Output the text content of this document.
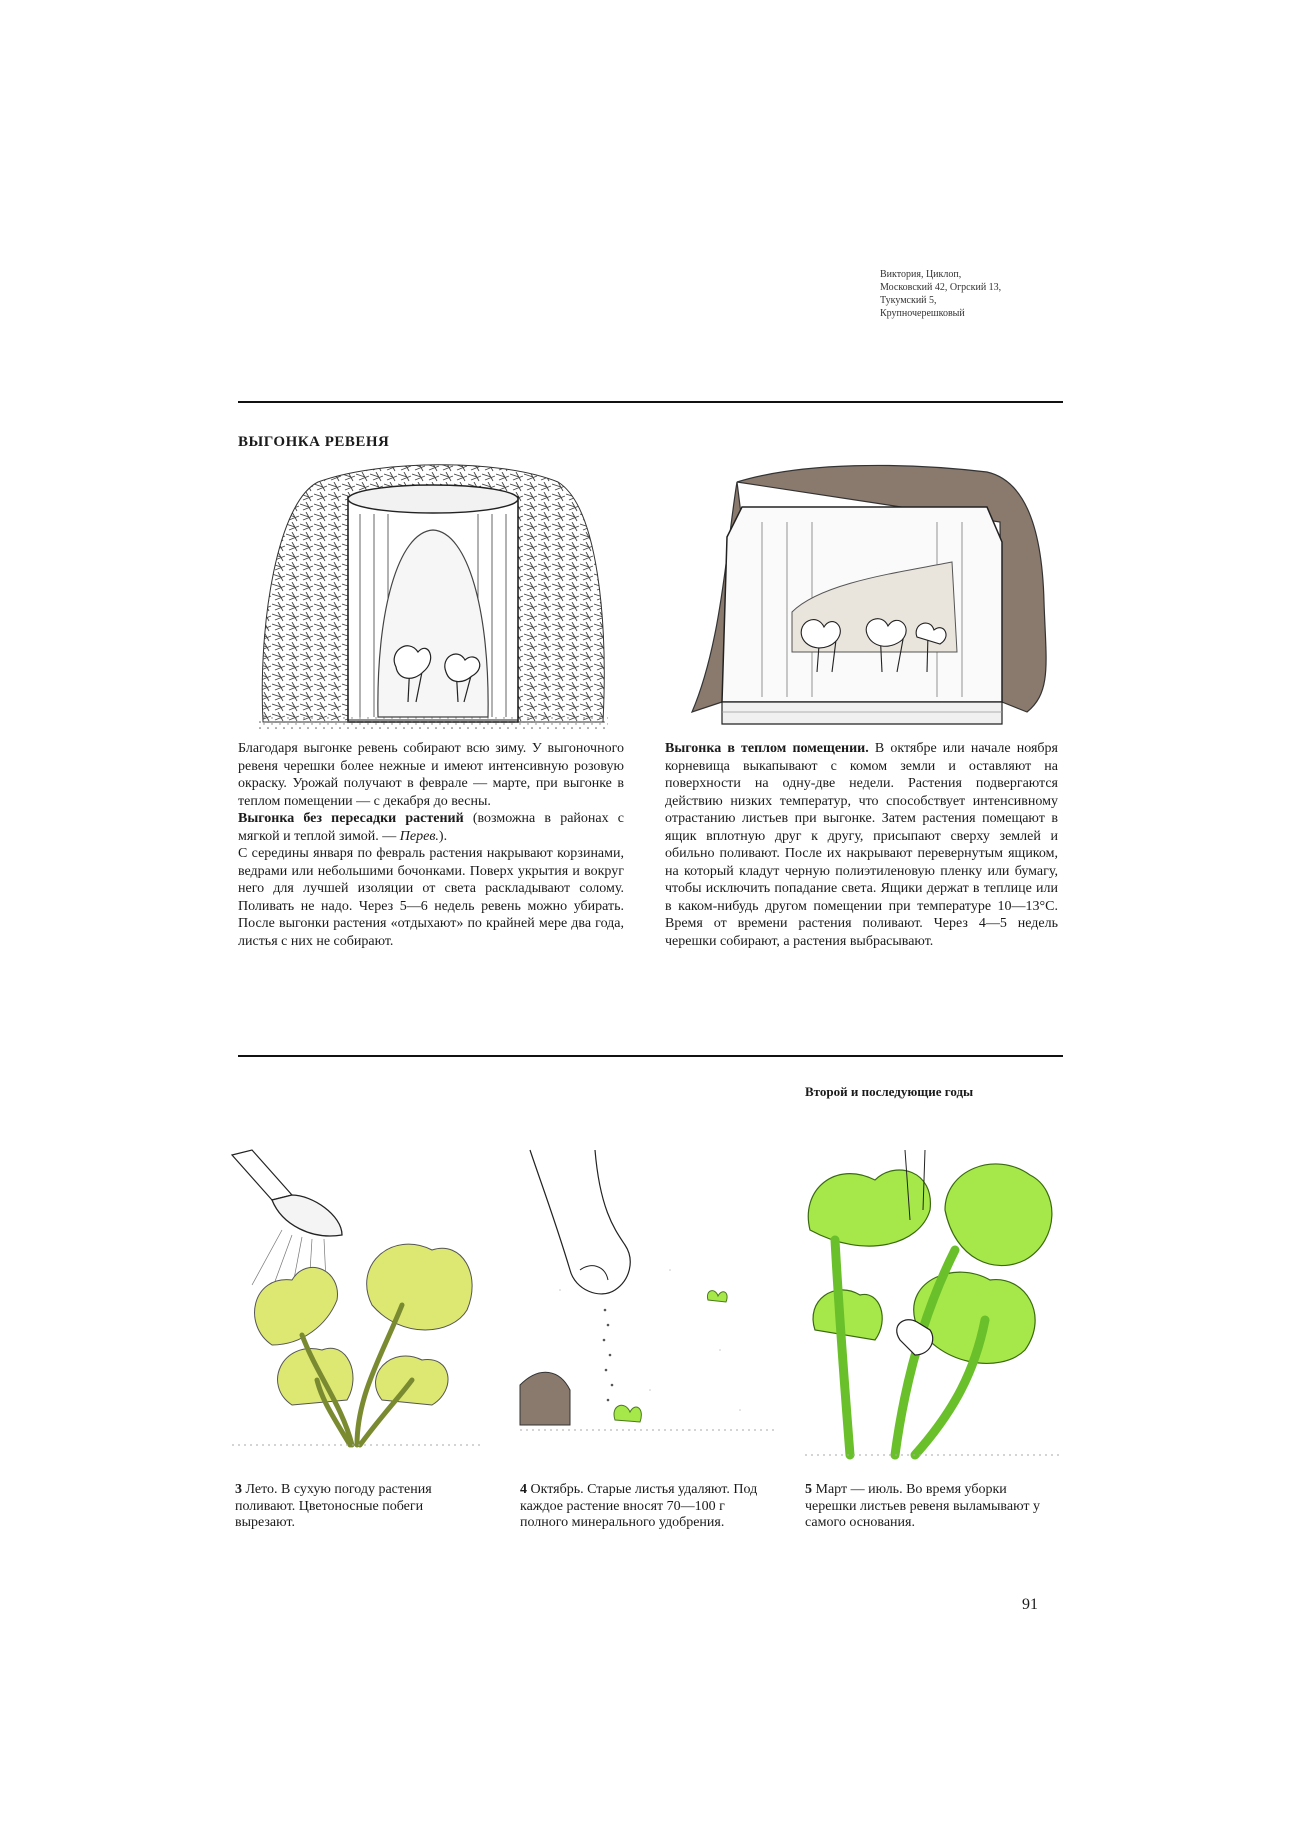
Виктория, Циклоп,
Московский 42, Огрский 13,
Тукумский 5,
Крупночерешковый
ВЫГОНКА РЕВЕНЯ

Благодаря выгонке ревень собирают всю зиму. У выгоночного ревеня черешки более нежные и имеют интенсивную розовую окраску. Урожай получают в феврале — марте, при выгонке в теплом помещении — с декабря до весны.

Выгонка без пересадки растений (возможна в районах с мягкой и теплой зимой. — Перев.).

С середины января по февраль растения накрывают корзинами, ведрами или небольшими бочонками. Поверх укрытия и вокруг него для лучшей изоляции от света раскладывают солому. Поливать не надо. Через 5—6 недель ревень можно убирать. После выгонки растения «отдыхают» по крайней мере два года, листья с них не собирают.

Выгонка в теплом помещении. В октябре или начале ноября корневища выкапывают с комом земли и оставляют на поверхности на одну-две недели. Растения подвергаются действию низких температур, что способствует интенсивному отрастанию листьев при выгонке. Затем растения помещают в ящик вплотную друг к другу, присыпают сверху землей и обильно поливают. После их накрывают перевернутым ящиком, на который кладут черную полиэтиленовую пленку или бумагу, чтобы исключить попадание света. Ящики держат в теплице или в каком-нибудь другом помещении при температуре 10—13°С. Время от времени растения поливают. Через 4—5 недель черешки собирают, а растения выбрасывают.

Второй и последующие годы
3 Лето. В сухую погоду растения поливают. Цветоносные побеги вырезают.
4 Октябрь. Старые листья удаляют. Под каждое растение вносят 70—100 г полного минерального удобрения.
5 Март — июль. Во время уборки черешки листьев ревеня выламывают у самого основания.
91
